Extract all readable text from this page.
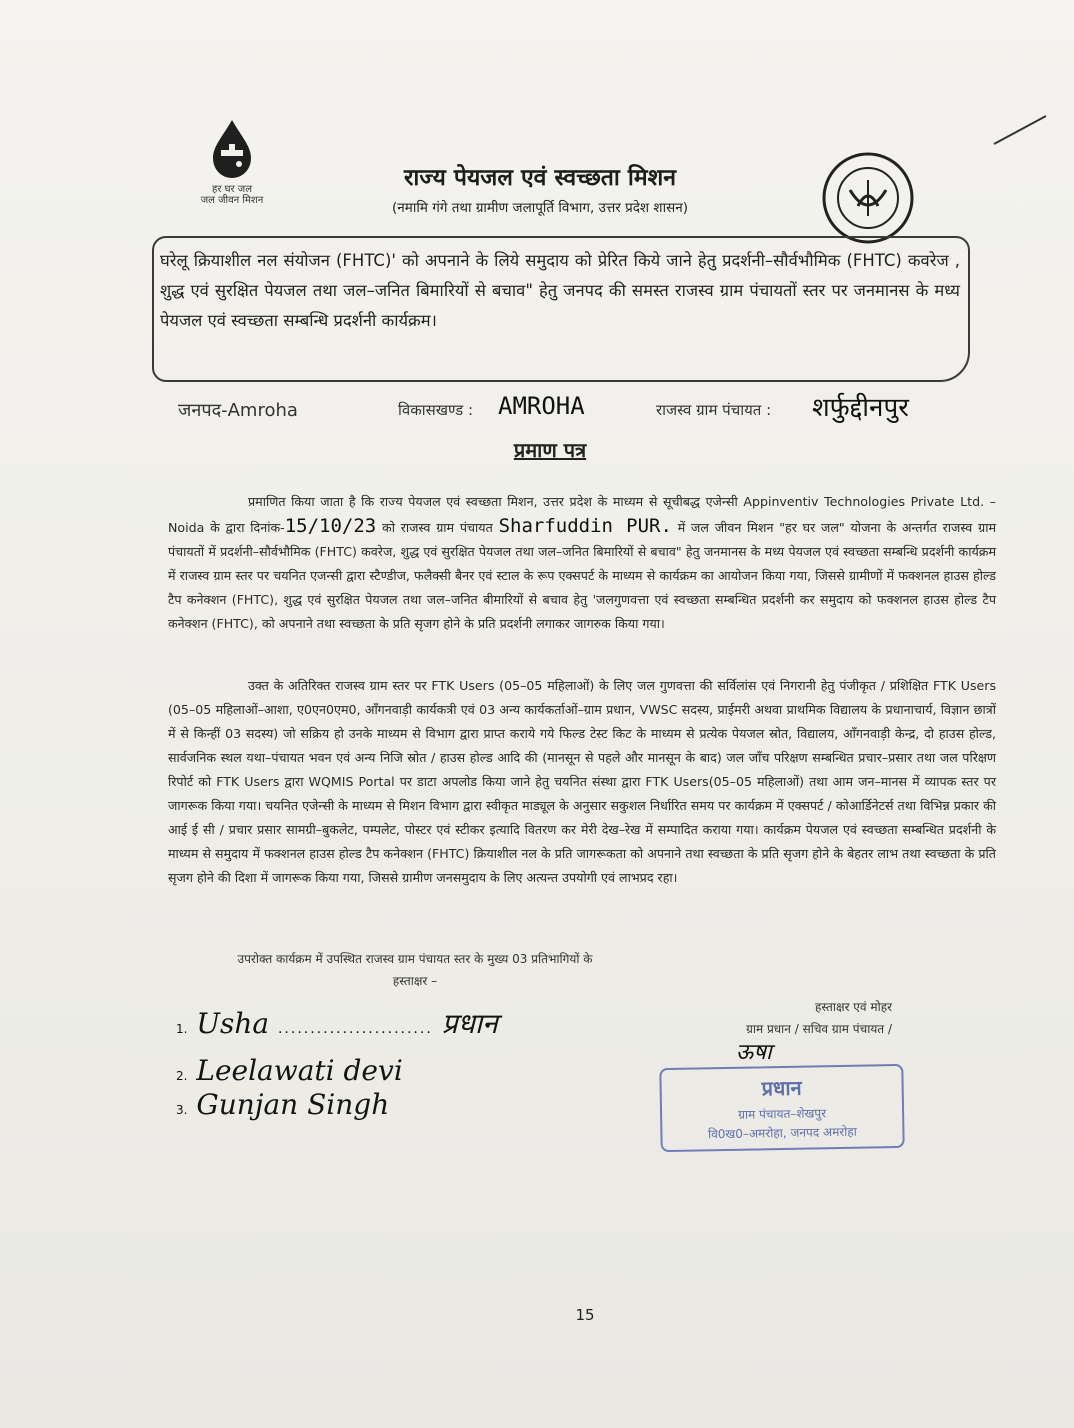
हर घर जल
जल जीवन मिशन
राज्य पेयजल एवं स्वच्छता मिशन
(नमामि गंगे तथा ग्रामीण जलापूर्ति विभाग, उत्तर प्रदेश शासन)
घरेलू क्रियाशील नल संयोजन (FHTC)' को अपनाने के लिये समुदाय को प्रेरित किये जाने हेतु प्रदर्शनी–सौर्वभौमिक (FHTC) कवरेज , शुद्ध एवं सुरक्षित पेयजल तथा जल–जनित बिमारियों से बचाव" हेतु जनपद की समस्त राजस्व ग्राम पंचायतों स्तर पर जनमानस के मध्य पेयजल एवं स्वच्छता सम्बन्धि प्रदर्शनी कार्यक्रम।
जनपद-Amroha	विकासखण्ड : AMROHA	राजस्व ग्राम पंचायत : शर्फुद्दीनपुर
प्रमाण पत्र
प्रमाणित किया जाता है कि राज्य पेयजल एवं स्वच्छता मिशन, उत्तर प्रदेश के माध्यम से सूचीबद्ध एजेन्सी Appinventiv Technologies Private Ltd. – Noida के द्वारा दिनांक-15/10/23 को राजस्व ग्राम पंचायत Sharfuddin PUR. में जल जीवन मिशन "हर घर जल" योजना के अन्तर्गत राजस्व ग्राम पंचायतों में प्रदर्शनी–सौर्वभौमिक (FHTC) कवरेज, शुद्ध एवं सुरक्षित पेयजल तथा जल–जनित बिमारियों से बचाव" हेतु जनमानस के मध्य पेयजल एवं स्वच्छता सम्बन्धि प्रदर्शनी कार्यक्रम में राजस्व ग्राम स्तर पर चयनित एजन्सी द्वारा स्टैण्डीज, फलैक्सी बैनर एवं स्टाल के रूप एक्सपर्ट के माध्यम से कार्यक्रम का आयोजन किया गया, जिससे ग्रामीणों में फक्शनल हाउस होल्ड टैप कनेक्शन (FHTC), शुद्ध एवं सुरक्षित पेयजल तथा जल–जनित बीमारियों से बचाव हेतु 'जलगुणवत्ता एवं स्वच्छता सम्बन्धित प्रदर्शनी कर समुदाय को फक्शनल हाउस होल्ड टैप कनेक्शन (FHTC), को अपनाने तथा स्वच्छता के प्रति सृजग होने के प्रति प्रदर्शनी लगाकर जागरुक किया गया।
उक्त के अतिरिक्त राजस्व ग्राम स्तर पर FTK Users (05–05 महिलाओं) के लिए जल गुणवत्ता की सर्विलांस एवं निगरानी हेतु पंजीकृत / प्रशिक्षित FTK Users (05–05 महिलाओं–आशा, ए0एन0एम0, आँगनवाड़ी कार्यकत्री एवं 03 अन्य कार्यकर्ताओं–ग्राम प्रधान, VWSC सदस्य, प्राईमरी अथवा प्राथमिक विद्यालय के प्रधानाचार्य, विज्ञान छात्रों में से किन्हीं 03 सदस्य) जो सक्रिय हो उनके माध्यम से विभाग द्वारा प्राप्त कराये गये फिल्ड टेस्ट किट के माध्यम से प्रत्येक पेयजल स्रोत, विद्यालय, आँगनवाड़ी केन्द्र, दो हाउस होल्ड, सार्वजनिक स्थल यथा–पंचायत भवन एवं अन्य निजि स्रोत / हाउस होल्ड आदि की (मानसून से पहले और मानसून के बाद) जल जाँच परिक्षण सम्बन्धित प्रचार–प्रसार तथा जल परिक्षण रिपोर्ट को FTK Users द्वारा WQMIS Portal पर डाटा अपलोड किया जाने हेतु चयनित संस्था द्वारा FTK Users(05–05 महिलाओं) तथा आम जन–मानस में व्यापक स्तर पर जागरूक किया गया। चयनित एजेन्सी के माध्यम से मिशन विभाग द्वारा स्वीकृत माड्यूल के अनुसार सकुशल निर्धारित समय पर कार्यक्रम में एक्सपर्ट / कोआर्डिनेटर्स तथा विभिन्न प्रकार की आई ई सी / प्रचार प्रसार सामग्री–बुकलेट, पम्पलेट, पोस्टर एवं स्टीकर इत्यादि वितरण कर मेरी देख–रेख में सम्पादित कराया गया। कार्यक्रम पेयजल एवं स्वच्छता सम्बन्धित प्रदर्शनी के माध्यम से समुदाय में फक्शनल हाउस होल्ड टैप कनेक्शन (FHTC) क्रियाशील नल के प्रति जागरूकता को अपनाने तथा स्वच्छता के प्रति सृजग होने के बेहतर लाभ तथा स्वच्छता के प्रति सृजग होने की दिशा में जागरूक किया गया, जिससे ग्रामीण जनसमुदाय के लिए अत्यन्त उपयोगी एवं लाभप्रद रहा।
उपरोक्त कार्यक्रम में उपस्थित राजस्व ग्राम पंचायत स्तर के मुख्य 03 प्रतिभागियों के
हस्ताक्षर –
1. Usha ........................ प्रधान
2. Leelawati devi
3. Gunjan Singh
हस्ताक्षर एवं मोहर
ग्राम प्रधान / सचिव ग्राम पंचायत /
ऊषा
प्रधान
ग्राम पंचायत–शेखपुर
वि0ख0–अमरोहा, जनपद अमरोहा
15
